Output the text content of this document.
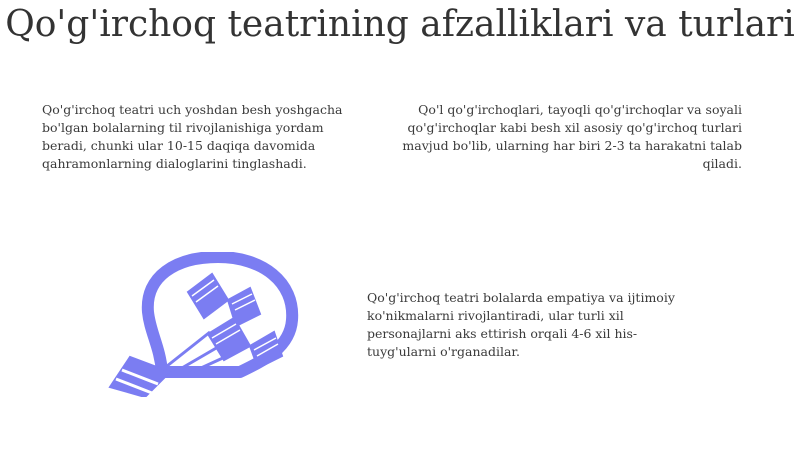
Qo'g'irchoq teatrining afzalliklari va turlari

Qo'g'irchoq teatri uch yoshdan besh yoshgacha bo'lgan bolalarning til rivojlanishiga yordam beradi, chunki ular 10-15 daqiqa davomida qahramonlarning dialoglarini tinglashadi.

Qo'l qo'g'irchoqlari, tayoqli qo'g'irchoqlar va soyali qo'g'irchoqlar kabi besh xil asosiy qo'g'irchoq turlari mavjud bo'lib, ularning har biri 2-3 ta harakatni talab qiladi.

Qo'g'irchoq teatri bolalarda empatiya va ijtimoiy ko'nikmalarni rivojlantiradi, ular turli xil personajlarni aks ettirish orqali 4-6 xil his-tuyg'ularni o'rganadilar.
